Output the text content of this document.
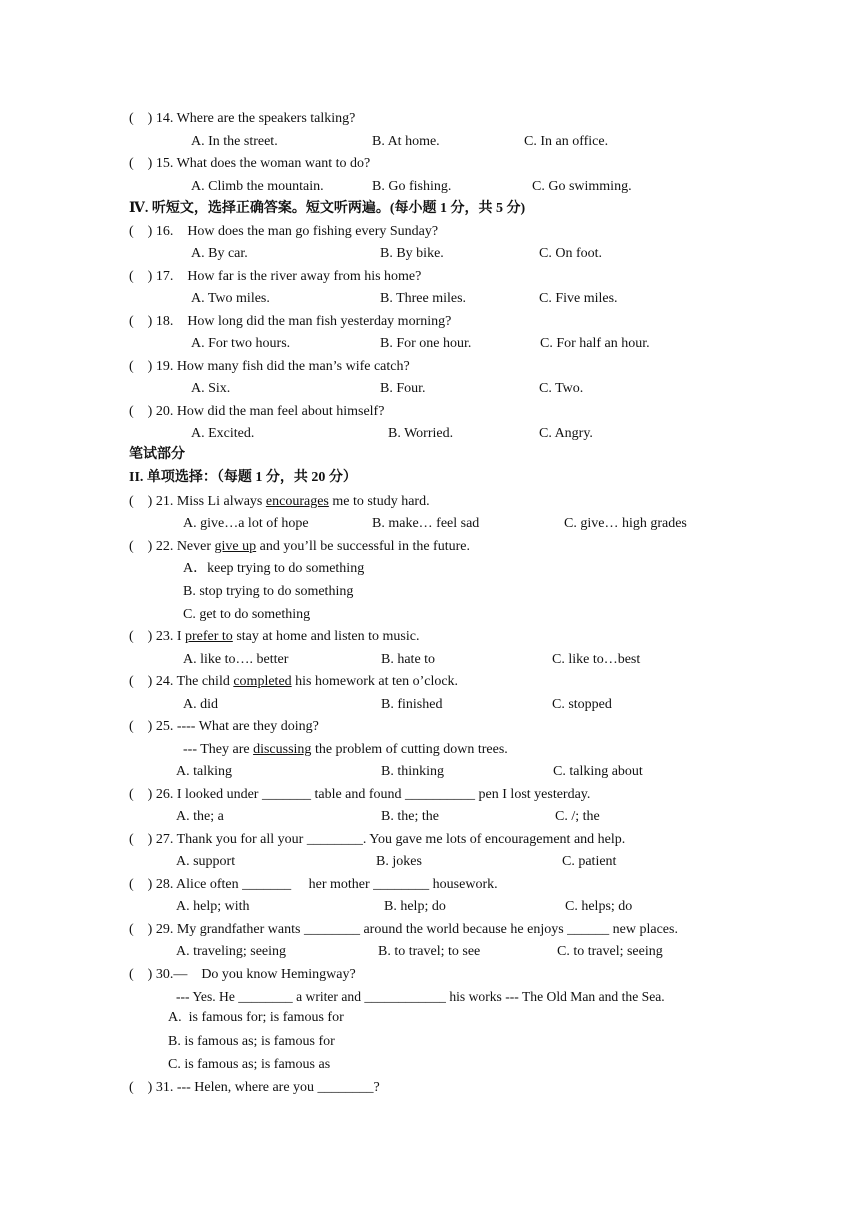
(    ) 14. Where are the speakers talking?
A. In the street.	B. At home.	C. In an office.
(    ) 15. What does the woman want to do?
A. Climb the mountain.	B. Go fishing.	C. Go swimming.
Ⅳ. 听短文，选择正确答案。短文听两遍。(每小题 1 分，共 5 分)
(    ) 16.    How does the man go fishing every Sunday?
A. By car.	B. By bike.	C. On foot.
(    ) 17.    How far is the river away from his home?
A. Two miles.	B. Three miles.	C. Five miles.
(    ) 18.    How long did the man fish yesterday morning?
A. For two hours.	B. For one hour.	C. For half an hour.
(    ) 19. How many fish did the man’s wife catch?
A. Six.	B. Four.	C. Two.
(    ) 20. How did the man feel about himself?
A. Excited.	B. Worried.	C. Angry.
笔试部分
II. 单项选择：（每题 1 分，共 20 分）
(    ) 21. Miss Li always encourages me to study hard.
A. give…a lot of hope	B. make… feel sad	C. give… high grades
(    ) 22. Never give up and you’ll be successful in the future.
A．keep trying to do something
B. stop trying to do something
C. get to do something
(    ) 23. I prefer to stay at home and listen to music.
A. like to…. better	B. hate to	C. like to…best
(    ) 24. The child completed his homework at ten o’clock.
A. did	B. finished	C. stopped
(    ) 25. ---- What are they doing?
--- They are discussing the problem of cutting down trees.
A. talking	B. thinking	C. talking about
(    ) 26. I looked under _______ table and found __________ pen I lost yesterday.
A. the; a	B. the; the	C. /; the
(    ) 27. Thank you for all your ________. You gave me lots of encouragement and help.
A. support	B. jokes	C. patient
(    ) 28. Alice often _______     her mother ________ housework.
A. help; with	B. help; do	C. helps; do
(    ) 29. My grandfather wants ________ around the world because he enjoys ______ new places.
A. traveling; seeing	B. to travel; to see	C. to travel; seeing
(    ) 30.—    Do you know Hemingway?
--- Yes. He ________ a writer and ____________ his works --- The Old Man and the Sea.
A.  is famous for; is famous for
B. is famous as; is famous for
C. is famous as; is famous as
(    ) 31. --- Helen, where are you ________?
